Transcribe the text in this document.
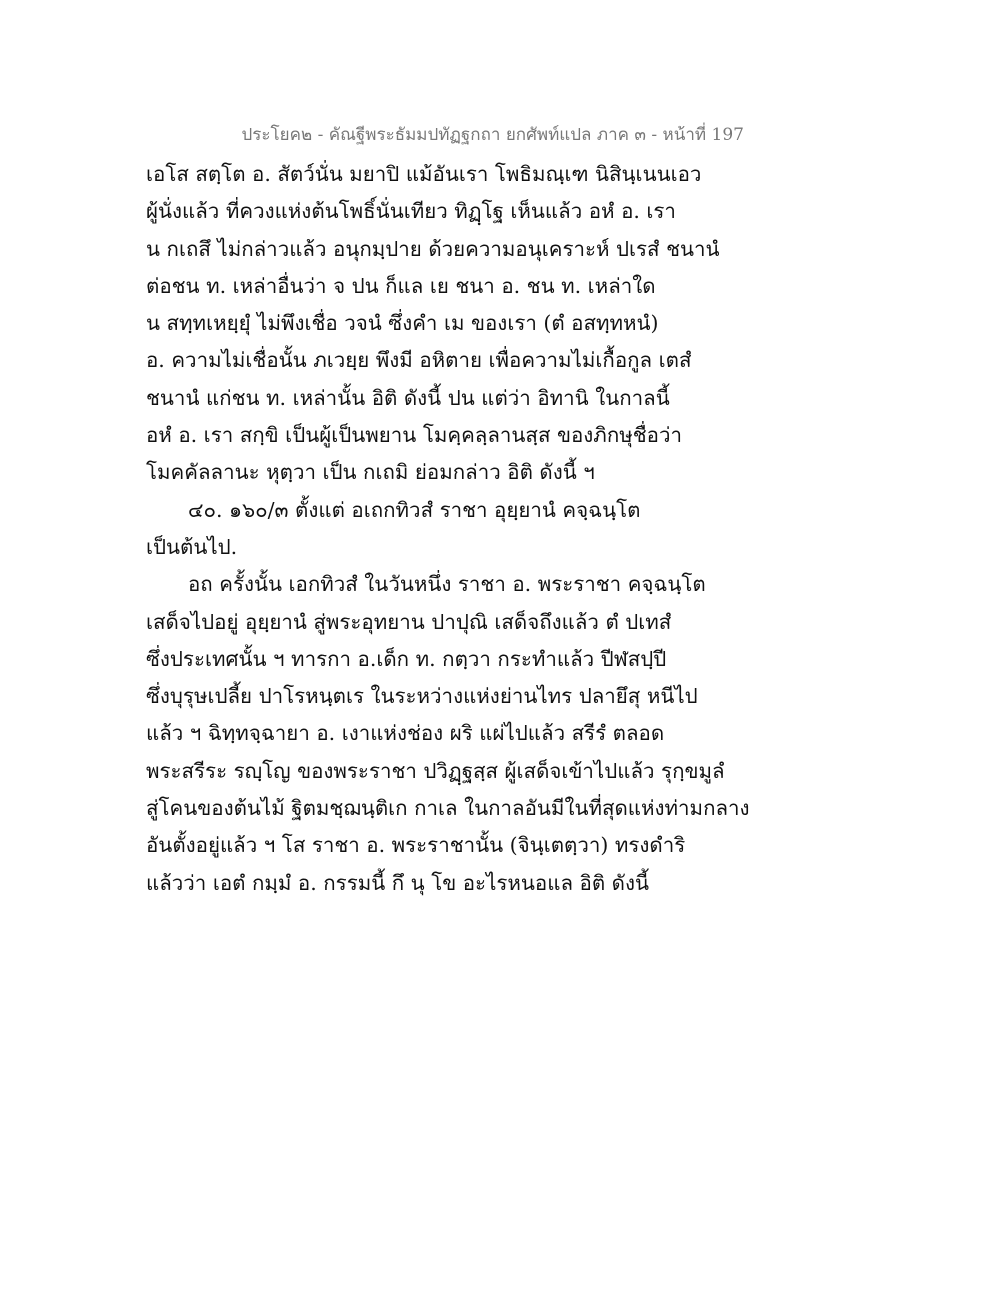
ประโยค๒ - คัณฐีพระธัมมปทัฏฐกถา ยกศัพท์แปล ภาค ๓ - หน้าที่ 197
เอโส สตฺโต อ. สัตว์นั่น มยาปิ แม้อันเรา โพธิมณฺเฑ นิสินฺเนนเอว
ผู้นั่งแล้ว ที่ควงแห่งต้นโพธิ์นั่นเทียว ทิฏฺโฐ เห็นแล้ว อหํ อ. เรา
น กเถสึ ไม่กล่าวแล้ว อนุกมฺปาย ด้วยความอนุเคราะห์ ปเรสํ ชนานํ
ต่อชน ท. เหล่าอื่นว่า จ ปน ก็แล เย ชนา อ. ชน ท. เหล่าใด
น สทฺทเหยฺยุํ ไม่พึงเชื่อ วจนํ ซึ่งคำ เม ของเรา (ตํ อสทฺทหนํ)
อ. ความไม่เชื่อนั้น ภเวยฺย พึงมี อหิตาย เพื่อความไม่เกื้อกูล เตสํ
ชนานํ แก่ชน ท. เหล่านั้น อิติ ดังนี้ ปน แต่ว่า อิทานิ ในกาลนี้
อหํ อ. เรา สกฺขิ เป็นผู้เป็นพยาน โมคฺคลฺลานสฺส ของภิกษุชื่อว่า
โมคคัลลานะ หุตฺวา เป็น กเถมิ ย่อมกล่าว อิติ ดังนี้ ฯ
๔๐. ๑๖๐/๓ ตั้งแต่ อเถกทิวสํ ราชา อุยฺยานํ คจฺฉนฺโต
เป็นต้นไป.
อถ ครั้งนั้น เอกทิวสํ ในวันหนึ่ง ราชา อ. พระราชา คจฺฉนฺโต
เสด็จไปอยู่ อุยฺยานํ สู่พระอุทยาน ปาปุณิ เสด็จถึงแล้ว ตํ ปเทสํ
ซึ่งประเทศนั้น ฯ ทารกา อ.เด็ก ท. กตฺวา กระทำแล้ว ปีฬสปฺปี
ซึ่งบุรุษเปลี้ย ปาโรหนฺตเร ในระหว่างแห่งย่านไทร ปลายึสุ หนีไป
แล้ว ฯ ฉิทฺทจฺฉายา อ. เงาแห่งช่อง ผริ แผ่ไปแล้ว สรีรํ ตลอด
พระสรีระ รญฺโญ ของพระราชา ปวิฏฺฐสฺส ผู้เสด็จเข้าไปแล้ว รุกฺขมูลํ
สู่โคนของต้นไม้ ฐิตมชฺฌนฺติเก กาเล ในกาลอันมีในที่สุดแห่งท่ามกลาง
อันตั้งอยู่แล้ว ฯ โส ราชา อ. พระราชานั้น (จินฺเตตฺวา) ทรงดำริ
แล้วว่า เอตํ กมฺมํ อ. กรรมนี้ กึ นุ โข อะไรหนอแล อิติ ดังนี้
